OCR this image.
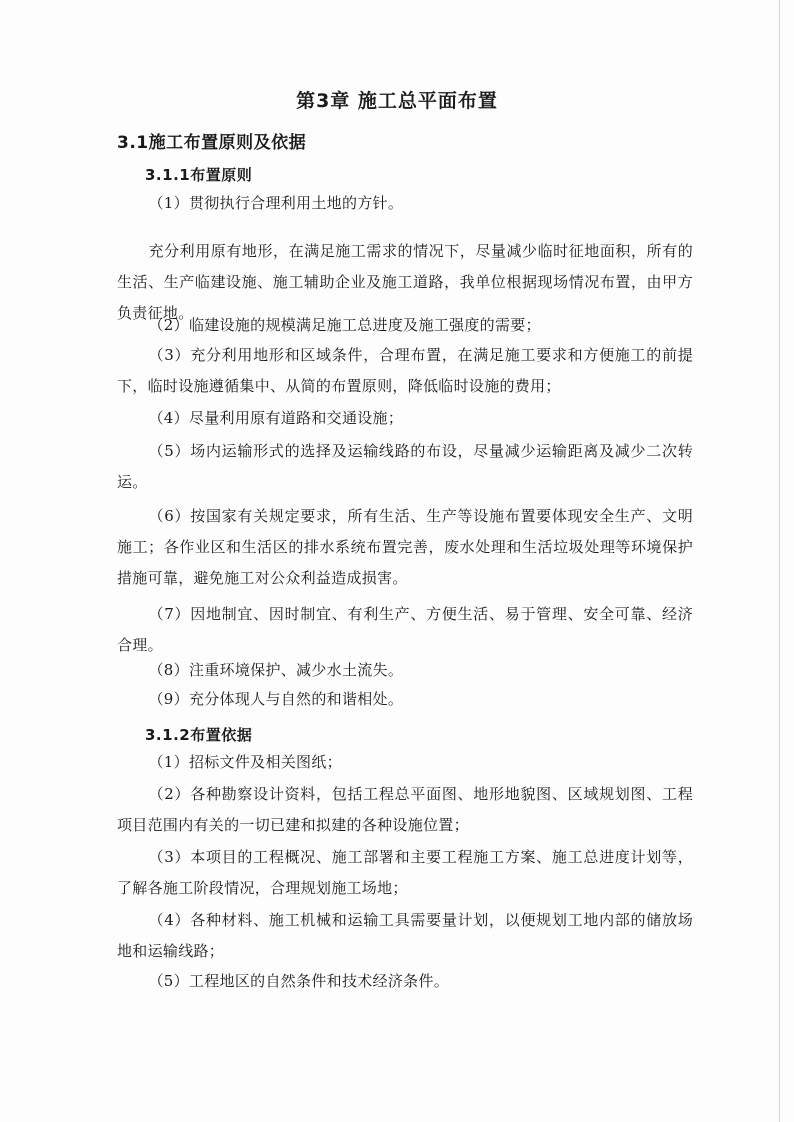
第3章 施工总平面布置
3.1施工布置原则及依据
3.1.1布置原则
（1）贯彻执行合理利用土地的方针。
充分利用原有地形，在满足施工需求的情况下，尽量减少临时征地面积，所有的生活、生产临建设施、施工辅助企业及施工道路，我单位根据现场情况布置，由甲方负责征地。
（2）临建设施的规模满足施工总进度及施工强度的需要；
（3）充分利用地形和区域条件，合理布置，在满足施工要求和方便施工的前提下，临时设施遵循集中、从简的布置原则，降低临时设施的费用；
（4）尽量利用原有道路和交通设施；
（5）场内运输形式的选择及运输线路的布设，尽量减少运输距离及减少二次转运。
（6）按国家有关规定要求，所有生活、生产等设施布置要体现安全生产、文明施工；各作业区和生活区的排水系统布置完善，废水处理和生活垃圾处理等环境保护措施可靠，避免施工对公众利益造成损害。
（7）因地制宜、因时制宜、有利生产、方便生活、易于管理、安全可靠、经济合理。
（8）注重环境保护、减少水土流失。
（9）充分体现人与自然的和谐相处。
3.1.2布置依据
（1）招标文件及相关图纸；
（2）各种勘察设计资料，包括工程总平面图、地形地貌图、区域规划图、工程项目范围内有关的一切已建和拟建的各种设施位置；
（3）本项目的工程概况、施工部署和主要工程施工方案、施工总进度计划等，了解各施工阶段情况，合理规划施工场地；
（4）各种材料、施工机械和运输工具需要量计划，以便规划工地内部的储放场地和运输线路；
（5）工程地区的自然条件和技术经济条件。
